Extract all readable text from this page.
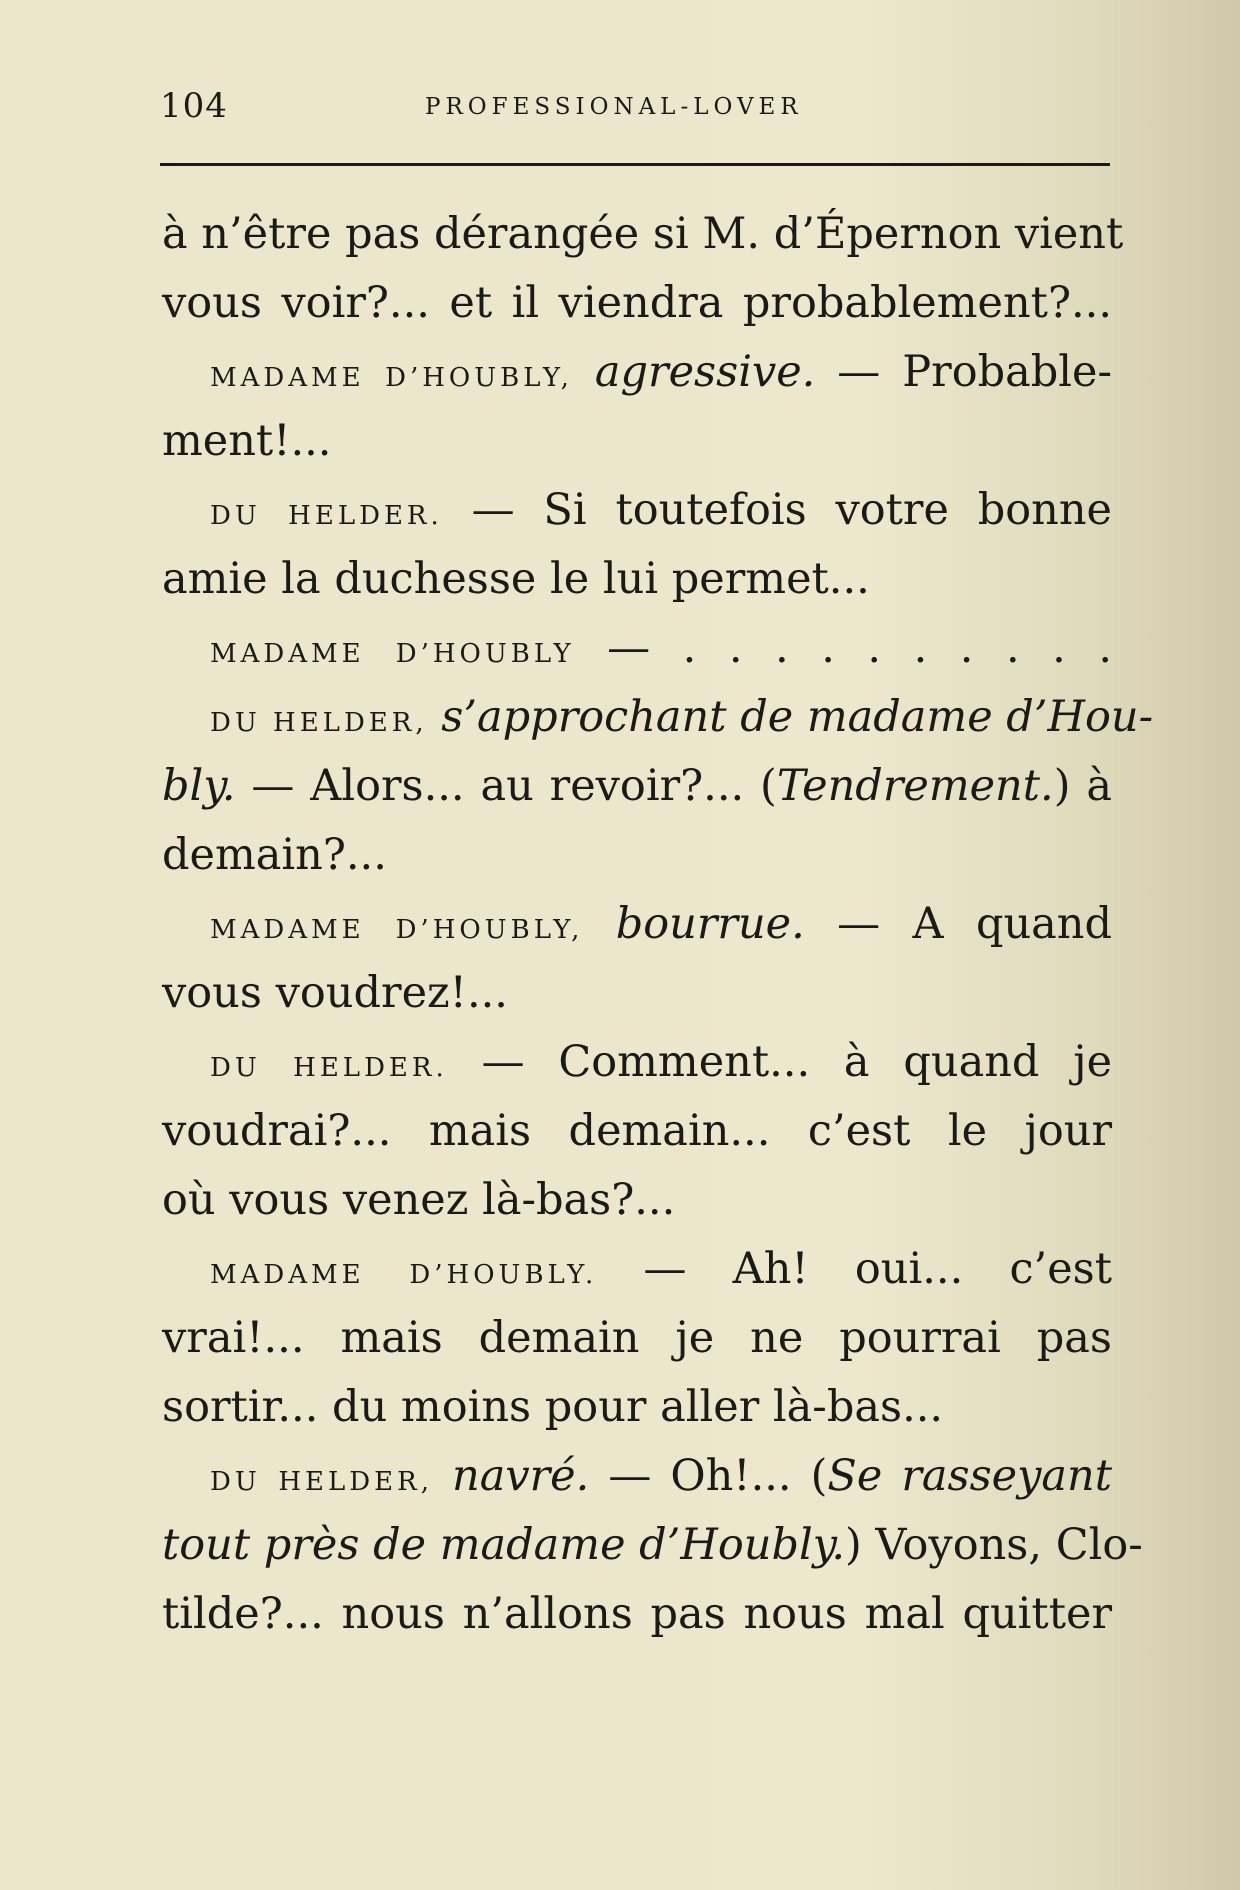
104	PROFESSIONAL-LOVER
à n’être pas dérangée si M. d’Épernon vient
vous voir?... et il viendra probablement?...
MADAME D’HOUBLY, agressive. — Probable-
ment!...
DU HELDER. — Si toutefois votre bonne
amie la duchesse le lui permet...
MADAME D’HOUBLY — . . . . . . . . . .
DU HELDER, s’approchant de madame d’Hou-
bly. — Alors... au revoir?... (Tendrement.) à
demain?...
MADAME D’HOUBLY, bourrue. — A quand
vous voudrez!...
DU HELDER. — Comment... à quand je
voudrai?... mais demain... c’est le jour
où vous venez là-bas?...
MADAME D’HOUBLY. — Ah! oui... c’est
vrai!... mais demain je ne pourrai pas
sortir... du moins pour aller là-bas...
DU HELDER, navré. — Oh!... (Se rasseyant
tout près de madame d’Houbly.) Voyons, Clo-
tilde?... nous n’allons pas nous mal quitter
